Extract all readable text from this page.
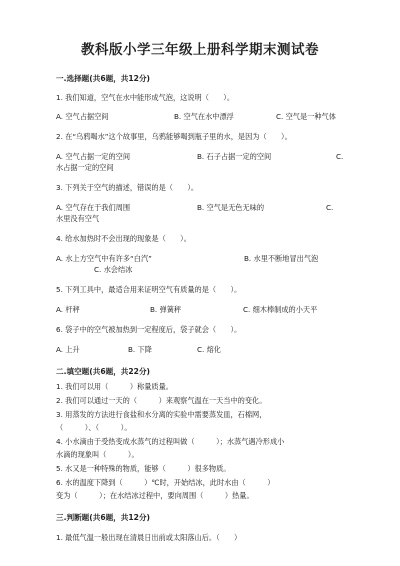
教科版小学三年级上册科学期末测试卷
一.选择题(共6题，共12分)
1. 我们知道，空气在水中能形成气泡，这说明（　　）。
A. 空气占据空间	B. 空气在水中漂浮	C. 空气是一种气体
2. 在“乌鸦喝水”这个故事里，乌鸦能够喝到瓶子里的水，是因为（　　）。
A. 空气占据一定的空间	B. 石子占据一定的空间	C.
水占据一定的空间
3. 下列关于空气的描述，错误的是（　　）。
A. 空气存在于我们周围	B. 空气是无色无味的	C.
水里没有空气
4. 给水加热时不会出现的现象是（　　）。
A. 水上方空气中有许多“白汽”	B. 水里不断地冒出气泡
C. 水会结冰
5. 下列工具中，最适合用来证明空气有质量的是（　　）。
A. 杆秤	B. 弹簧秤	C. 细木棒制成的小天平
6. 袋子中的空气被加热到一定程度后，袋子就会（　　）。
A. 上升	B. 下降	C. 熔化
二.填空题(共6题，共22分)
1. 我们可以用（　　　）称量质量。
2. 我们可以通过一天的（　　　）来观察气温在一天当中的变化。
3. 用蒸发的方法进行食盐和水分离的实验中需要蒸发皿，石棉网，
（　　　）、（　　　）。
4. 小水滴由于受热变成水蒸气的过程叫做（　　　）；水蒸气遇冷形成小
水滴的现象叫（　　　）。
5. 水又是一种特殊的物质，能够（　　　）很多物质。
6. 水的温度下降到（　　　）℃时，开始结冰，此时水由（　　　）
变为（　　　）；在水结冰过程中，要向周围（　　　）热量。
三.判断题(共6题，共12分)
1. 最低气温一般出现在清晨日出前或太阳落山后。（　　）
